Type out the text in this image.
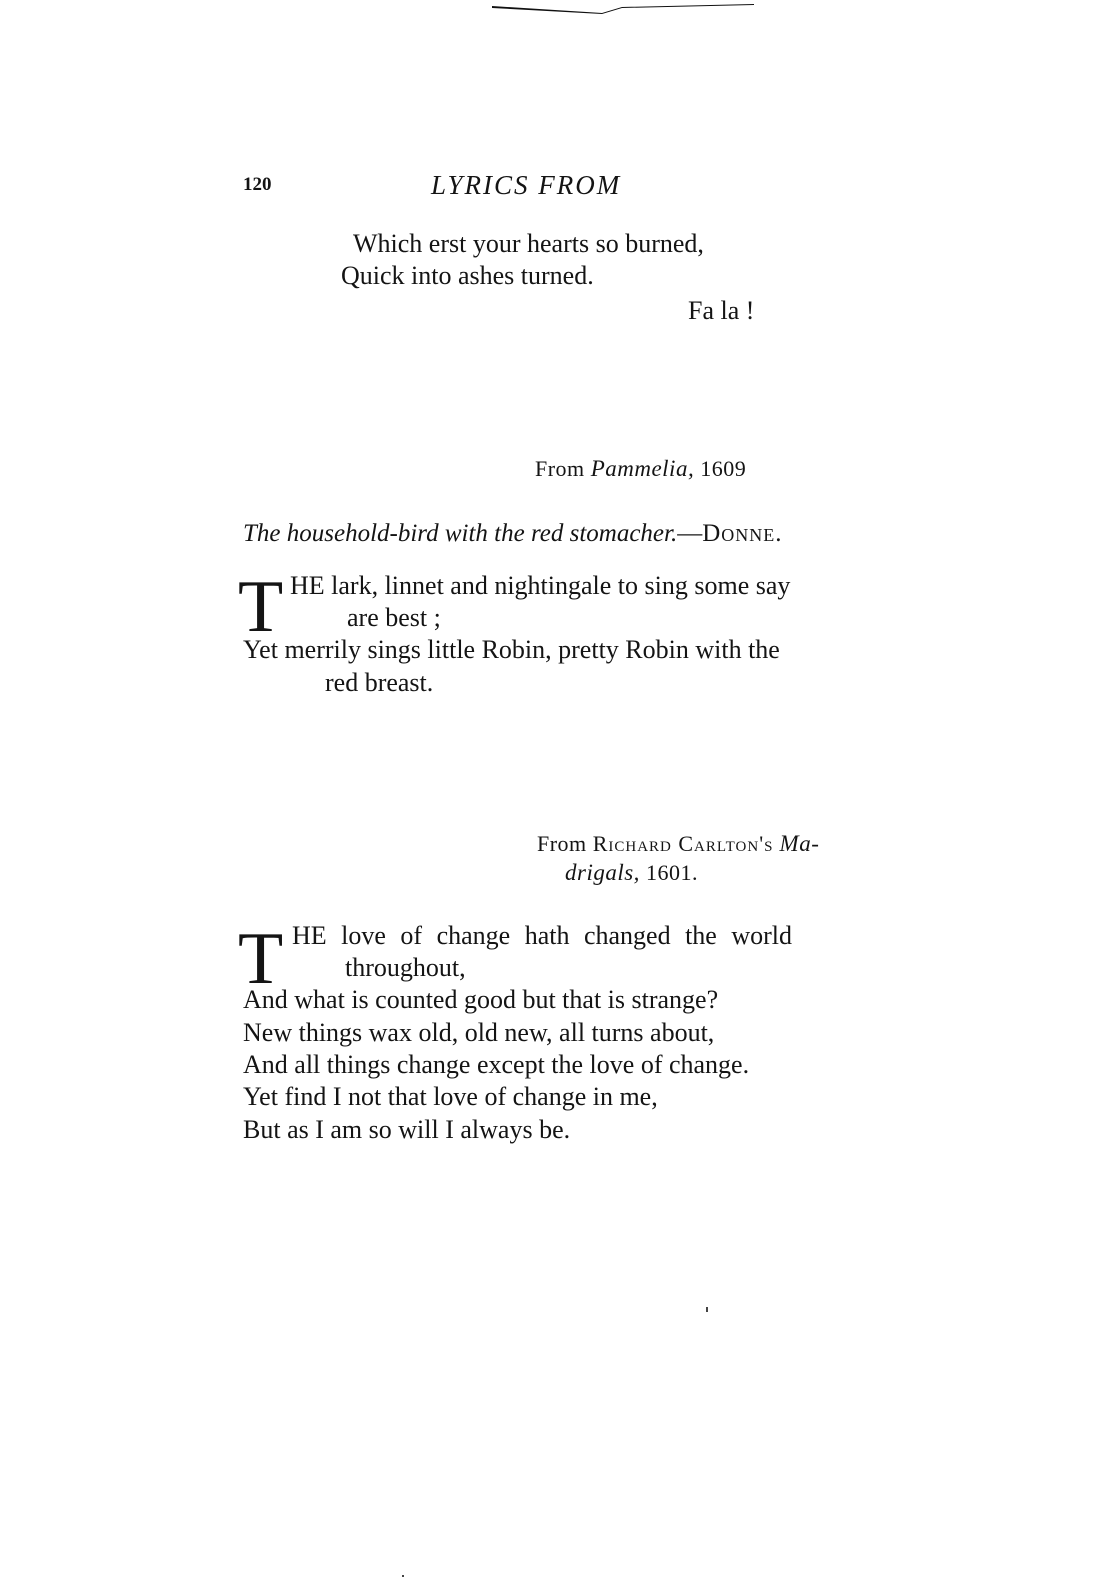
120	LYRICS FROM
Which erst your hearts so burned,
Quick into ashes turned.
Fa la !
From Pammelia, 1609
The household-bird with the red stomacher.—Donne.
T HE lark, linnet and nightingale to sing some say
are best ;
Yet merrily sings little Robin, pretty Robin with the
red breast.
From Richard Carlton's Ma-
drigals, 1601.
T HE love of change hath changed the world
throughout,
And what is counted good but that is strange?
New things wax old, old new, all turns about,
And all things change except the love of change.
Yet find I not that love of change in me,
But as I am so will I always be.
